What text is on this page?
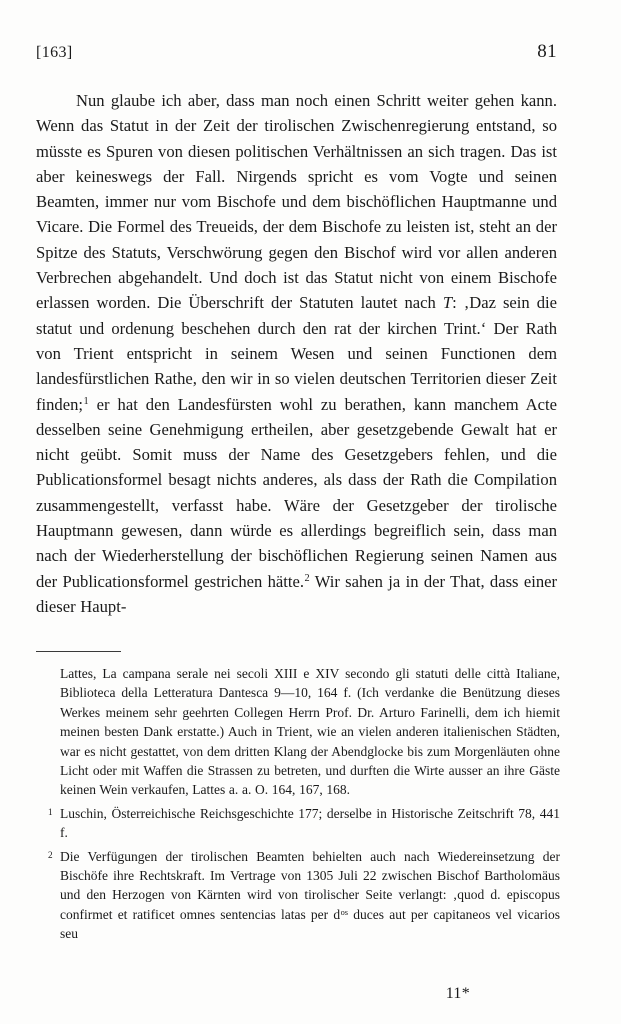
[163]	81

Nun glaube ich aber, dass man noch einen Schritt weiter gehen kann. Wenn das Statut in der Zeit der tirolischen Zwischenregierung entstand, so müsste es Spuren von diesen politischen Verhältnissen an sich tragen. Das ist aber keineswegs der Fall. Nirgends spricht es vom Vogte und seinen Beamten, immer nur vom Bischofe und dem bischöflichen Hauptmanne und Vicare. Die Formel des Treueids, der dem Bischofe zu leisten ist, steht an der Spitze des Statuts, Verschwörung gegen den Bischof wird vor allen anderen Verbrechen abgehandelt. Und doch ist das Statut nicht von einem Bischofe erlassen worden. Die Überschrift der Statuten lautet nach T: ‚Daz sein die statut und ordenung beschehen durch den rat der kirchen Trint.‘ Der Rath von Trient entspricht in seinem Wesen und seinen Functionen dem landesfürstlichen Rathe, den wir in so vielen deutschen Territorien dieser Zeit finden;$^1$ er hat den Landesfürsten wohl zu berathen, kann manchem Acte desselben seine Genehmigung ertheilen, aber gesetzgebende Gewalt hat er nicht geübt. Somit muss der Name des Gesetzgebers fehlen, und die Publicationsformel besagt nichts anderes, als dass der Rath die Compilation zusammengestellt, verfasst habe. Wäre der Gesetzgeber der tirolische Hauptmann gewesen, dann würde es allerdings begreiflich sein, dass man nach der Wiederherstellung der bischöflichen Regierung seinen Namen aus der Publicationsformel gestrichen hätte.$^2$ Wir sahen ja in der That, dass einer dieser Haupt-

Lattes, La campana serale nei secoli XIII e XIV secondo gli statuti delle città Italiane, Biblioteca della Letteratura Dantesca 9—10, 164 f. (Ich verdanke die Benützung dieses Werkes meinem sehr geehrten Collegen Herrn Prof. Dr. Arturo Farinelli, dem ich hiemit meinen besten Dank erstatte.) Auch in Trient, wie an vielen anderen italienischen Städten, war es nicht gestattet, von dem dritten Klang der Abendglocke bis zum Morgenläuten ohne Licht oder mit Waffen die Strassen zu betreten, und durften die Wirte ausser an ihre Gäste keinen Wein verkaufen, Lattes a. a. O. 164, 167, 168.

1 Luschin, Österreichische Reichsgeschichte 177; derselbe in Historische Zeitschrift 78, 441 f.

2 Die Verfügungen der tirolischen Beamten behielten auch nach Wiedereinsetzung der Bischöfe ihre Rechtskraft. Im Vertrage von 1305 Juli 22 zwischen Bischof Bartholomäus und den Herzogen von Kärnten wird von tirolischer Seite verlangt: ‚quod d. episcopus confirmet et ratificet omnes sentencias latas per $d^{os}$ duces aut per capitaneos vel vicarios seu

11*
